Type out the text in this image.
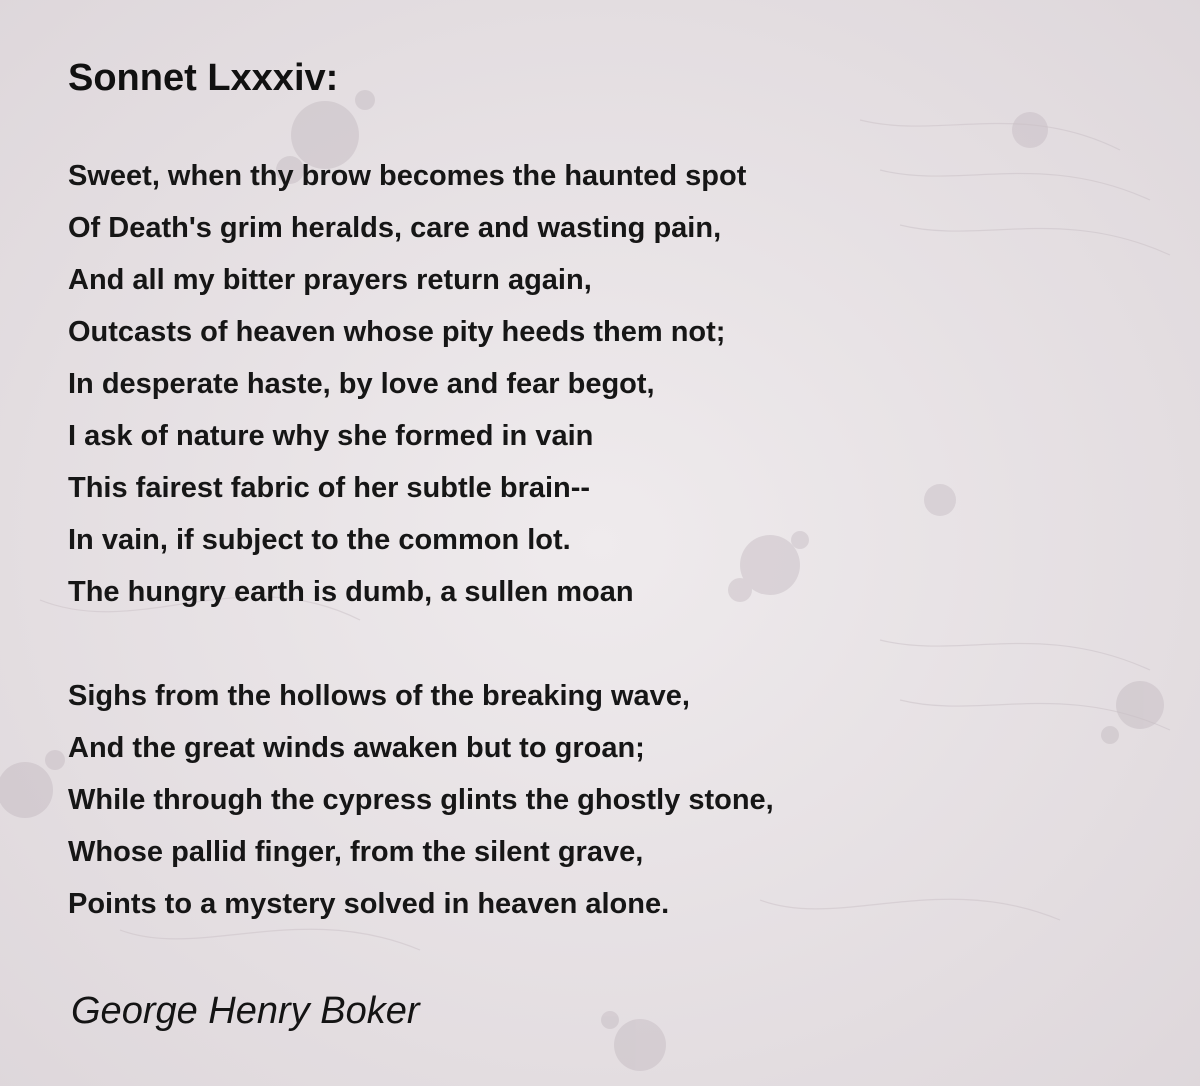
Sonnet Lxxxiv:
Sweet, when thy brow becomes the haunted spot
Of Death's grim heralds, care and wasting pain,
And all my bitter prayers return again,
Outcasts of heaven whose pity heeds them not;
In desperate haste, by love and fear begot,
I ask of nature why she formed in vain
This fairest fabric of her subtle brain--
In vain, if subject to the common lot.
The hungry earth is dumb, a sullen moan
Sighs from the hollows of the breaking wave,
And the great winds awaken but to groan;
While through the cypress glints the ghostly stone,
Whose pallid finger, from the silent grave,
Points to a mystery solved in heaven alone.

George Henry Boker
